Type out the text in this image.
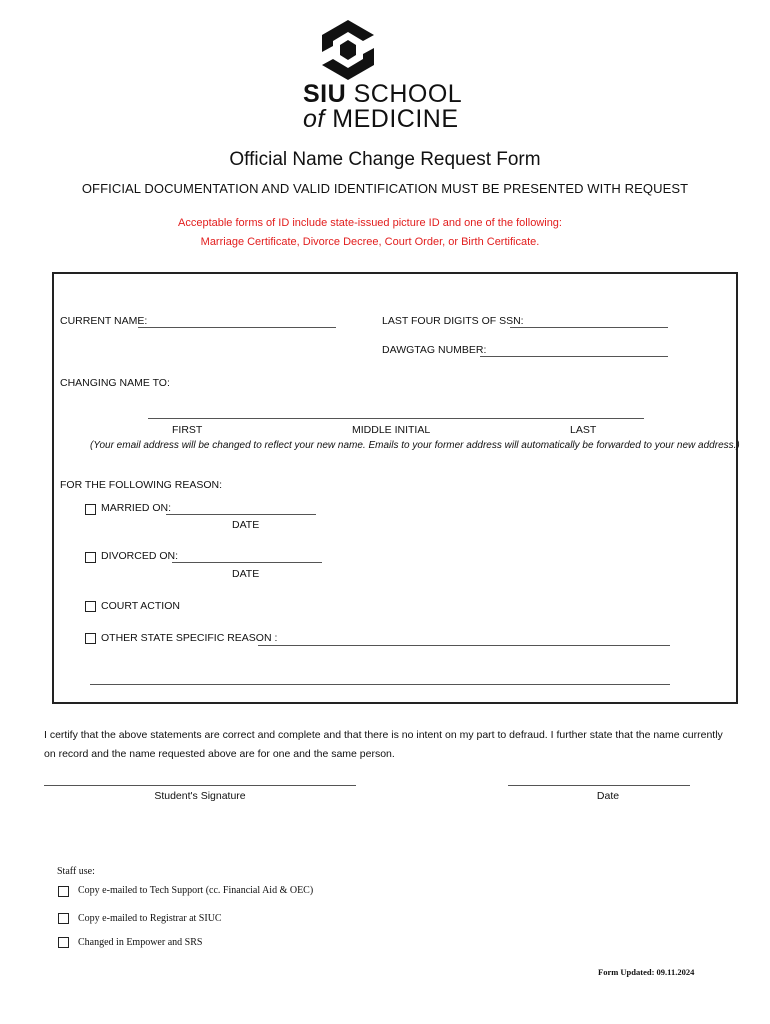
SIU SCHOOL
of MEDICINE
Official Name Change Request Form
OFFICIAL DOCUMENTATION AND VALID IDENTIFICATION MUST BE PRESENTED WITH REQUEST
Acceptable forms of ID include state-issued picture ID and one of the following:
Marriage Certificate, Divorce Decree, Court Order, or Birth Certificate.
CURRENT NAME:	LAST FOUR DIGITS OF SSN:
DAWGTAG NUMBER:
CHANGING NAME TO:
FIRST	MIDDLE INITIAL	LAST
(Your email address will be changed to reflect your new name. Emails to your former address will automatically be forwarded to your new address.)
FOR THE FOLLOWING REASON:
MARRIED ON:
DATE
DIVORCED ON:
DATE
COURT ACTION
OTHER STATE SPECIFIC REASON :
I certify that the above statements are correct and complete and that there is no intent on my part to defraud. I further state that the name currently on record and the name requested above are for one and the same person.
Student's Signature	Date
Staff use:
Copy e-mailed to Tech Support (cc. Financial Aid & OEC)
Copy e-mailed to Registrar at SIUC
Changed in Empower and SRS
Form Updated: 09.11.2024
